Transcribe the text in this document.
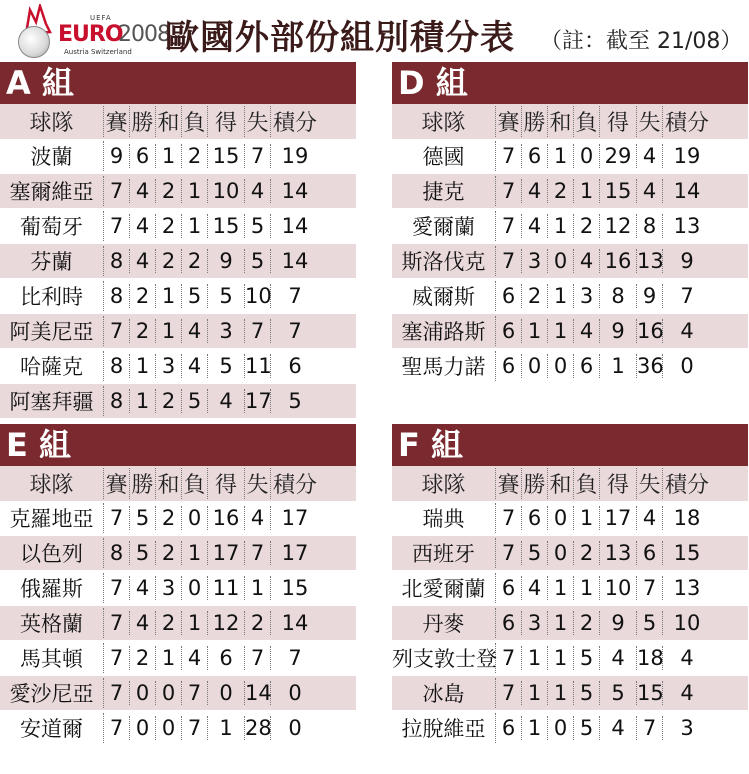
UEFA
EURO
2008
Austria Switzerland 歐國外部份組別積分表 （註：截至 21/08）
A 組
球隊	賽 勝 和 負 得 失 積分
波蘭	9 6 1 2 15 7 19
塞爾維亞 7 4 2 1 10 4 14
葡萄牙	7 4 2 1 15 5 14
芬蘭	8 4 2 2 9 5 14
比利時	8 2 1 5 5 10 7
阿美尼亞 7 2 1 4 3 7	7
哈薩克	8 1 3 4 5 11 6
阿塞拜疆 8 1 2 5 4 17 5
D 組
球隊	賽 勝 和 負 得 失 積分
德國	7 6 1 0 29 4 19
捷克	7 4 2 1 15 4 14
愛爾蘭	7 4 1 2 12 8 13
斯洛伐克 7 3 0 4 16 13 9
威爾斯	6 2 1 3 8 9	7
塞浦路斯 6 1 1 4 9 16 4
聖馬力諾 6 0 0 6 1 36 0
E 組
球隊	賽 勝 和 負 得 失 積分
克羅地亞 7 5 2 0 16 4 17
以色列	8 5 2 1 17 7 17
俄羅斯	7 4 3 0 11 1 15
英格蘭	7 4 2 1 12 2 14
馬其頓	7 2 1 4 6 7	7
愛沙尼亞 7 0 0 7 0 14 0
安道爾	7 0 0 7 1 28 0
F 組
球隊	賽 勝 和 負 得 失 積分
瑞典	7 6 0 1 17 4 18
西班牙	7 5 0 2 13 6 15
北愛爾蘭 6 4 1 1 10 7 13
丹麥	6 3 1 2 9 5 10
列支敦士登 7 1 1 5 4 18 4
冰島	7 1 1 5 5 15 4
拉脫維亞 6 1 0 5 4 7	3
